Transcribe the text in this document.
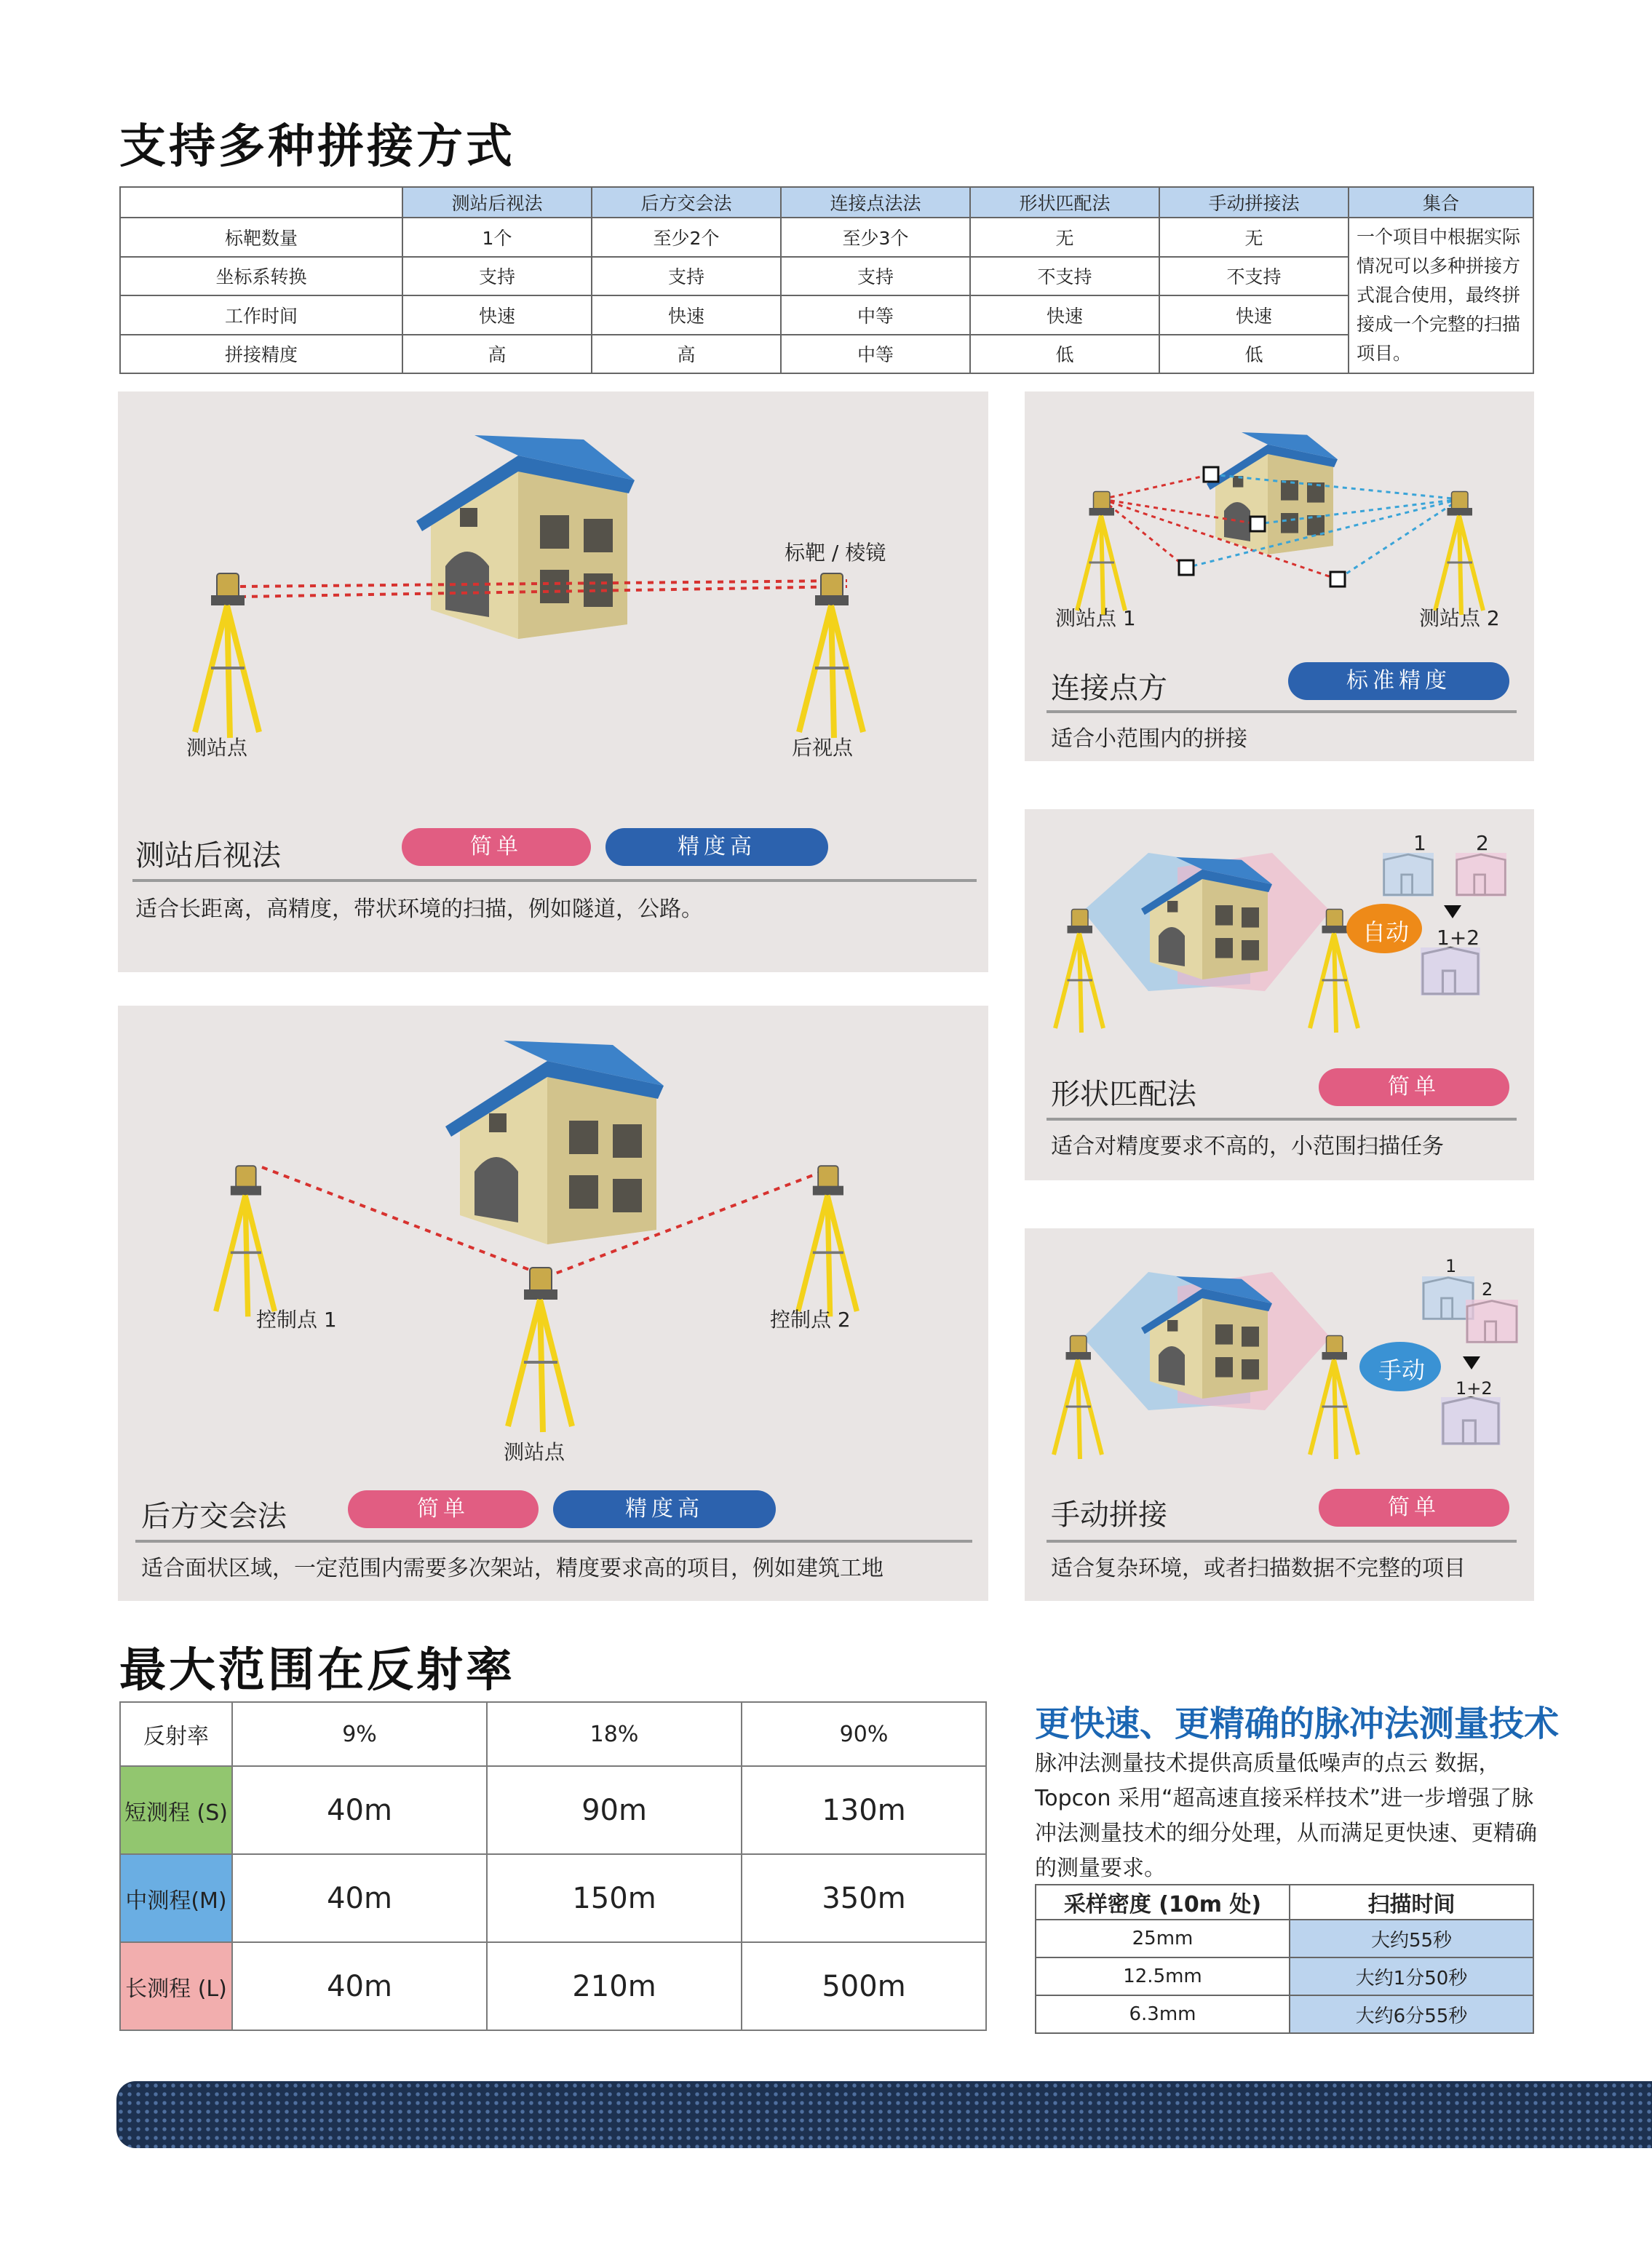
支持多种拼接方式
	测站后视法	后方交会法	连接点法法	形状匹配法	手动拼接法	集合
标靶数量	1个	至少2个	至少3个	无	无	一个项目中根据实际情况可以多种拼接方式混合使用，最终拼接成一个完整的扫描项目。
坐标系转换	支持	支持	支持	不支持	不支持	
工作时间	快速	快速	中等	快速	快速	
拼接精度	高	高	中等	低	低	
测站点
标靶 / 棱镜
后视点
测站后视法	简单	精度高
适合长距离，高精度，带状环境的扫描，例如隧道，公路。
控制点 1	控制点 2
测站点
后方交会法	简单	精度高
适合面状区域，一定范围内需要多次架站，精度要求高的项目，例如建筑工地
测站点 1	测站点 2
连接点方	标准精度
适合小范围内的拼接
自动
1 2
1+2
形状匹配法	简单
适合对精度要求不高的，小范围扫描任务
手动
1
2
1+2
手动拼接	简单
适合复杂环境，或者扫描数据不完整的项目
最大范围在反射率
反射率	9%	18%	90%
短测程 (S)	40m	90m	130m
中测程(M)	40m	150m	350m
长测程 (L)	40m	210m	500m
更快速、更精确的脉冲法测量技术
脉冲法测量技术提供高质量低噪声的点云 数据，Topcon 采用“超高速直接采样技术”进一步增强了脉冲法测量技术的细分处理，从而满足更快速、更精确的测量要求。
采样密度 (10m 处)	扫描时间
25mm	大约55秒
12.5mm	大约1分50秒
6.3mm	大约6分55秒
